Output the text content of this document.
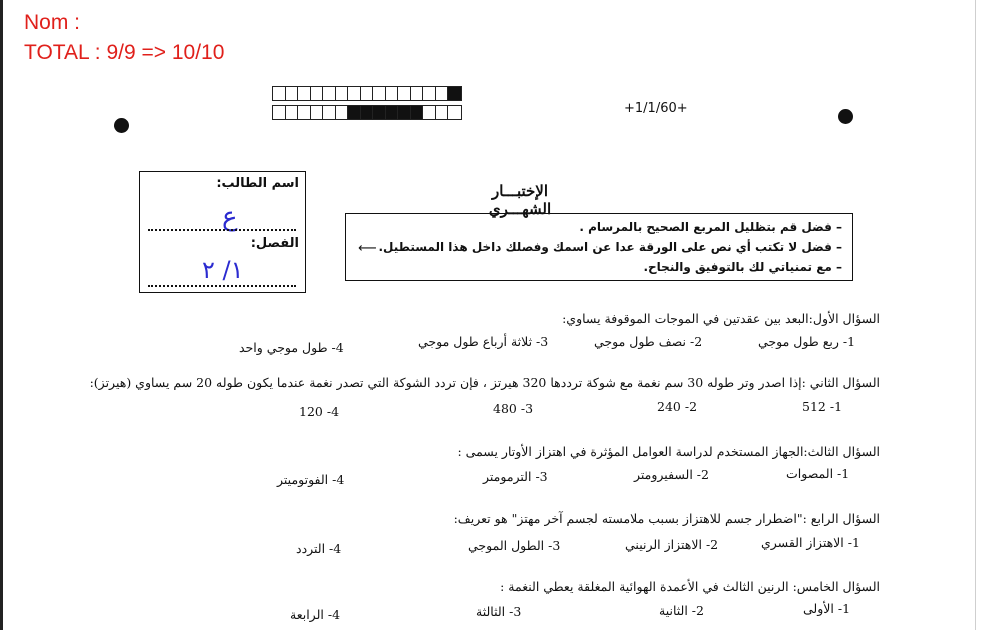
Nom :
TOTAL : 9/9 => 10/10
+1/1/60+
الإختبـــار الشهـــري
اسم الطالب:
ع
الفصل:
١/ ٢
– فضل قم بتظليل المربع الصحيح بالمرسام .
– فضل لا تكتب أي نص على الورقة عدا عن اسمك وفصلك داخل هذا المستطيل.
– مع تمنياتي لك بالتوفيق والنجاح.
⟵
السؤال الأول:البعد بين عقدتين في الموجات الموقوفة يساوي:
1- ربع طول موجي
2- نصف طول موجي
3- ثلاثة أرباع طول موجي
4- طول موجي واحد
السؤال الثاني :إذا اصدر وتر طوله 30 سم نغمة مع شوكة ترددها 320 هيرتز ، فإن تردد الشوكة التي تصدر نغمة عندما يكون طوله 20 سم يساوي (هيرتز):
1- 512
2- 240
3- 480
4- 120
السؤال الثالث:الجهاز المستخدم لدراسة العوامل المؤثرة في اهتزاز الأوتار يسمى :
1- المصوات
2- السفيرومتر
3- الترمومتر
4- الفوتوميتر
السؤال الرابع :"اضطرار جسم للاهتزاز بسبب ملامسته لجسم آخر مهتز" هو تعريف:
1- الاهتزاز القسري
2- الاهتزاز الرنيني
3- الطول الموجي
4- التردد
السؤال الخامس: الرنين الثالث في الأعمدة الهوائية المغلقة يعطي النغمة :
1- الأولى
2- الثانية
3- الثالثة
4- الرابعة
